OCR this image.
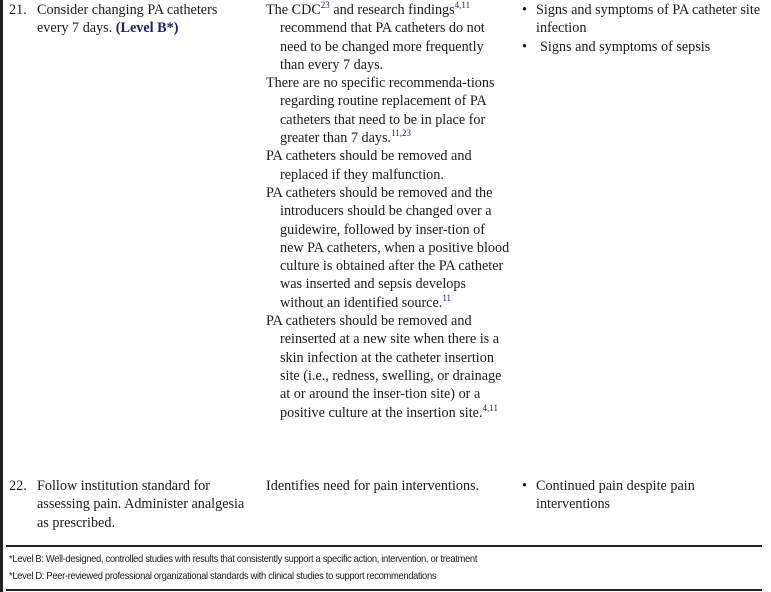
21. Consider changing PA catheters
every 7 days. (Level B*)

The CDC$^{23}$ and research findings$^{4,11}$ recommend that PA catheters do not need to be changed more frequently than every 7 days.

There are no specific recommenda-tions regarding routine replacement of PA catheters that need to be in place for greater than 7 days.$^{11,23}$

PA catheters should be removed and replaced if they malfunction.

PA catheters should be removed and the introducers should be changed over a guidewire, followed by inser-tion of new PA catheters, when a positive blood culture is obtained after the PA catheter was inserted and sepsis develops without an identified source.$^{11}$

PA catheters should be removed and reinserted at a new site when there is a skin infection at the catheter insertion site (i.e., redness, swelling, or drainage at or around the inser-tion site) or a positive culture at the insertion site.$^{4,11}$

• Signs and symptoms of PA catheter site infection

• Signs and symptoms of sepsis

22. Follow institution standard for assessing pain. Administer analgesia as prescribed.
Identifies need for pain interventions.	• Continued pain despite pain interventions

*Level B: Well-designed, controlled studies with results that consistently support a specific action, intervention, or treatment
*Level D: Peer-reviewed professional organizational standards with clinical studies to support recommendations
